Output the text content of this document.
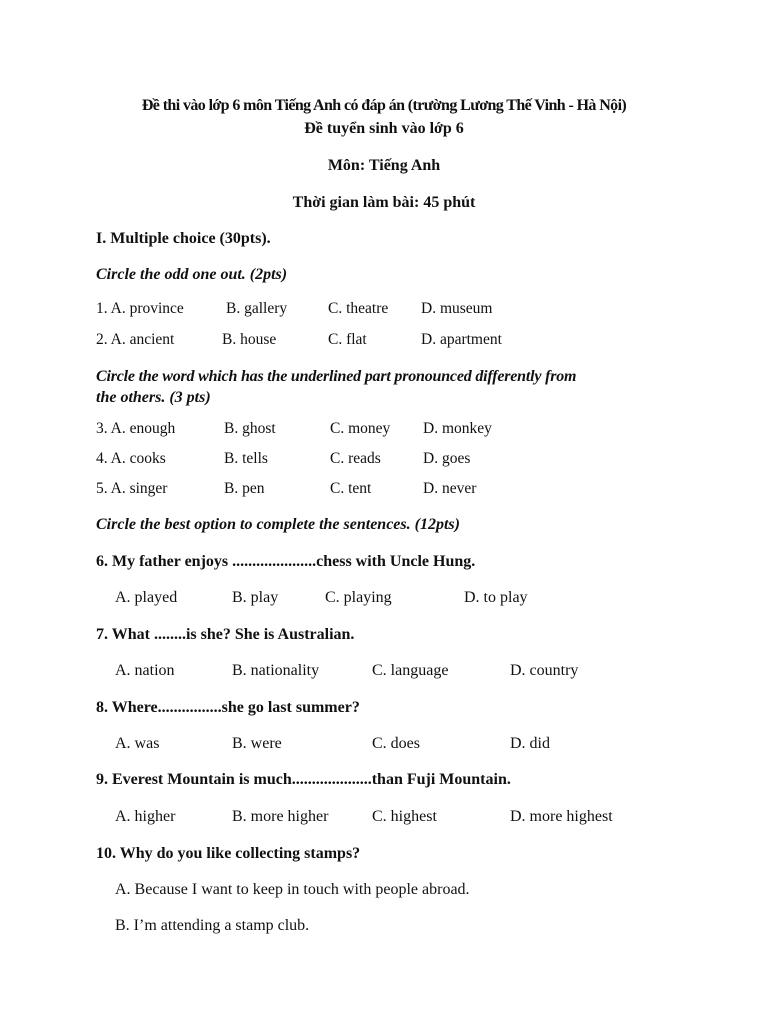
Đề thi vào lớp 6 môn Tiếng Anh có đáp án (trường Lương Thế Vinh - Hà Nội)
Đề tuyển sinh vào lớp 6
Môn: Tiếng Anh
Thời gian làm bài: 45 phút
I. Multiple choice (30pts).
Circle the odd one out. (2pts)
1. A. province	B. gallery	C. theatre D. museum
2. A. ancient	B. house	C. flat	D. apartment
Circle the word which has the underlined part pronounced differently from
the others. (3 pts)
3. A. enough	B. ghost	C. money D. monkey
4. A. cooks	B. tells	C. reads	D. goes
5. A. singer	B. pen	C. tent	D. never
Circle the best option to complete the sentences. (12pts)
6. My father enjoys .....................chess with Uncle Hung.
A. played	B. play	C. playing	D. to play
7. What ........is she? She is Australian.
A. nation	B. nationality	C. language	D. country
8. Where................she go last summer?
A. was	B. were	C. does	D. did
9. Everest Mountain is much....................than Fuji Mountain.
A. higher	B. more higher	C. highest	D. more highest
10. Why do you like collecting stamps?
A. Because I want to keep in touch with people abroad.
B. I’m attending a stamp club.
